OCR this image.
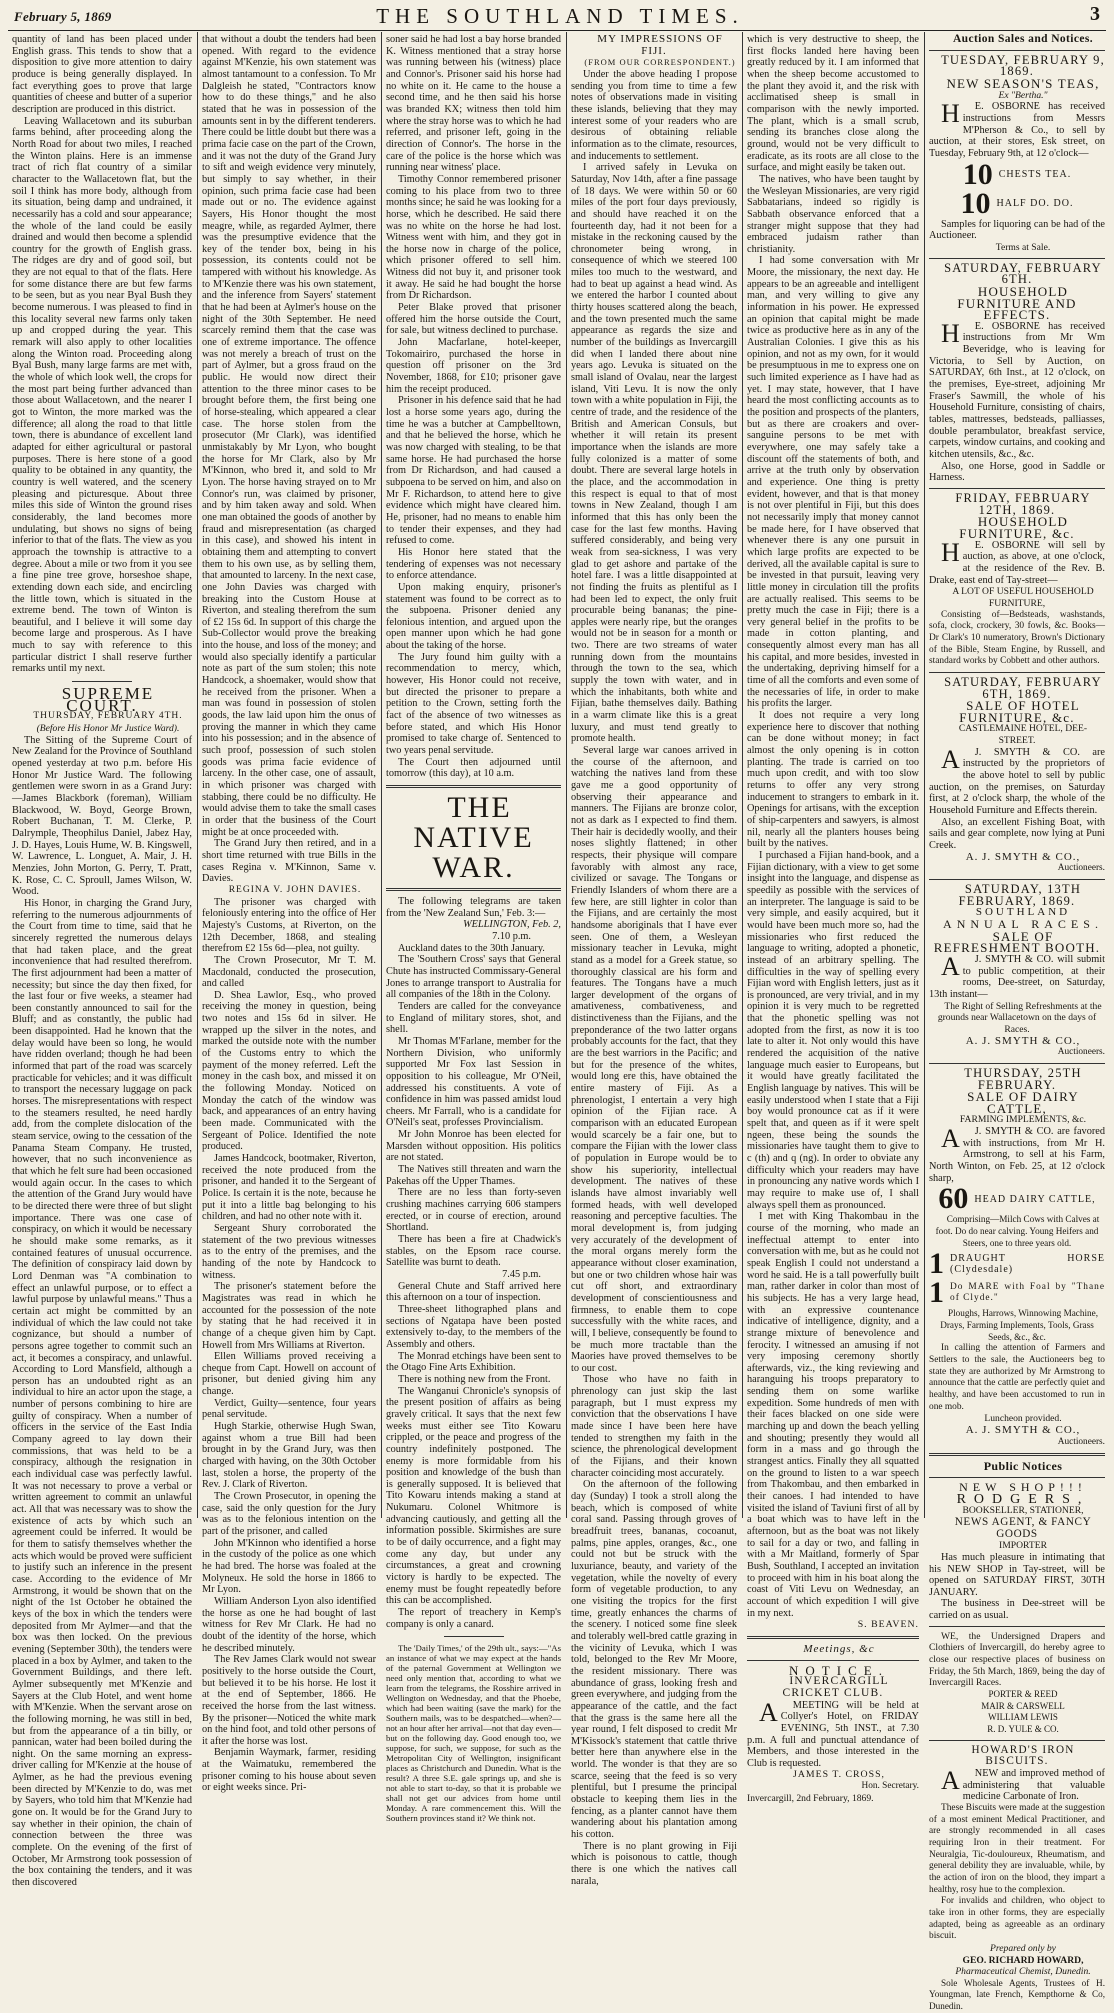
February 5, 1869	THE SOUTHLAND TIMES.	3

quantity of land has been placed under English grass. This tends to show that a disposition to give more attention to dairy produce is being generally displayed. In fact everything goes to prove that large quantities of cheese and butter of a superior description are produced in this district.

Leaving Wallacetown and its suburban farms behind, after proceeding along the North Road for about two miles, I reached the Winton plains. Here is an immense tract of rich flat country of a similar character to the Wallacetown flat, but the soil I think has more body, although from its situation, being damp and undrained, it necessarily has a cold and sour appearance; the whole of the land could be easily drained and would then become a splendid country for the growth of English grass. The ridges are dry and of good soil, but they are not equal to that of the flats. Here for some distance there are but few farms to be seen, but as you near Byal Bush they become numerous. I was pleased to find in this locality several new farms only taken up and cropped during the year. This remark will also apply to other localities along the Winton road. Proceeding along Byal Bush, many large farms are met with, the whole of which look well, the crops for the most part being further advanced than those about Wallacetown, and the nearer I got to Winton, the more marked was the difference; all along the road to that little town, there is abundance of excellent land adapted for either agricultural or pastoral purposes. There is here stone of a good quality to be obtained in any quantity, the country is well watered, and the scenery pleasing and picturesque. About three miles this side of Winton the ground rises considerably, the land becomes more undulating, but shows no signs of being inferior to that of the flats. The view as you approach the township is attractive to a degree. About a mile or two from it you see a fine pine tree grove, horseshoe shape, extending down each side, and encircling the little town, which is situated in the extreme bend. The town of Winton is beautiful, and I believe it will some day become large and prosperous. As I have much to say with reference to this particular district I shall reserve further remarks until my next.

SUPREME COURT.

THURSDAY, FEBRUARY 4TH.

(Before His Honor Mr Justice Ward).

The Sitting of the Supreme Court of New Zealand for the Province of Southland opened yesterday at two p.m. before His Honor Mr Justice Ward. The following gentlemen were sworn in as a Grand Jury:—James Blackbork (foreman), William Blackwood, W. Boyd, George Brown, Robert Buchanan, T. M. Clerke, P. Dalrymple, Theophilus Daniel, Jabez Hay, J. D. Hayes, Louis Hume, W. B. Kingswell, W. Lawrence, L. Longuet, A. Mair, J. H. Menzies, John Morton, G. Perry, T. Pratt, K. Rose, C. C. Sproull, James Wilson, W. Wood.

His Honor, in charging the Grand Jury, referring to the numerous adjournments of the Court from time to time, said that he sincerely regretted the numerous delays that had taken place, and the great inconvenience that had resulted therefrom. The first adjournment had been a matter of necessity; but since the day then fixed, for the last four or five weeks, a steamer had been constantly announced to sail for the Bluff; and as constantly, the public had been disappointed. Had he known that the delay would have been so long, he would have ridden overland; though he had been informed that part of the road was scarcely practicable for vehicles; and it was difficult to transport the necessary luggage on pack horses. The misrepresentations with respect to the steamers resulted, he need hardly add, from the complete dislocation of the steam service, owing to the cessation of the Panama Steam Company. He trusted, however, that no such inconvenience as that which he felt sure had been occasioned would again occur. In the cases to which the attention of the Grand Jury would have to be directed there were three of but slight importance. There was one case of conspiracy, on which it would be necessary he should make some remarks, as it contained features of unusual occurrence. The definition of conspiracy laid down by Lord Denman was "A combination to effect an unlawful purpose, or to effect a lawful purpose by unlawful means." Thus a certain act might be committed by an individual of which the law could not take cognizance, but should a number of persons agree together to commit such an act, it becomes a conspiracy, and unlawful. According to Lord Mansfield, although a person has an undoubted right as an individual to hire an actor upon the stage, a number of persons combining to hire are guilty of conspiracy. When a number of officers in the service of the East India Company agreed to lay down their commissions, that was held to be a conspiracy, although the resignation in each individual case was perfectly lawful. It was not necessary to prove a verbal or written agreement to commit an unlawful act. All that was necessary was to show the existence of acts by which such an agreement could be inferred. It would be for them to satisfy themselves whether the acts which would be proved were sufficient to justify such an inference in the present case. According to the evidence of Mr Armstrong, it would be shown that on the night of the 1st October he obtained the keys of the box in which the tenders were deposited from Mr Aylmer—and that the box was then locked. On the previous evening (September 30th), the tenders were placed in a box by Aylmer, and taken to the Government Buildings, and there left. Aylmer subsequently met M'Kenzie and Sayers at the Club Hotel, and went home with M'Kenzie. When the servant arose on the following morning, he was still in bed, but from the appearance of a tin billy, or pannican, water had been boiled during the night. On the same morning an express-driver calling for M'Kenzie at the house of Aylmer, as he had the previous evening been directed by M'Kenzie to do, was met by Sayers, who told him that M'Kenzie had gone on. It would be for the Grand Jury to say whether in their opinion, the chain of connection between the three was complete. On the evening of the first of October, Mr Armstrong took possession of the box containing the tenders, and it was then discovered

that without a doubt the tenders had been opened. With regard to the evidence against M'Kenzie, his own statement was almost tantamount to a confession. To Mr Dalgleish he stated, "Contractors know how to do these things," and he also stated that he was in possession of the amounts sent in by the different tenderers. There could be little doubt but there was a prima facie case on the part of the Crown, and it was not the duty of the Grand Jury to sift and weigh evidence very minutely, but simply to say whether, in their opinion, such prima facie case had been made out or no. The evidence against Sayers, His Honor thought the most meagre, while, as regarded Aylmer, there was the presumptive evidence that the key of the tender box, being in his possession, its contents could not be tampered with without his knowledge. As to M'Kenzie there was his own statement, and the inference from Sayers' statement that he had been at Aylmer's house on the night of the 30th September. He need scarcely remind them that the case was one of extreme importance. The offence was not merely a breach of trust on the part of Aylmer, but a gross fraud on the public. He would now direct their attention to the three minor cases to be brought before them, the first being one of horse-stealing, which appeared a clear case. The horse stolen from the prosecutor (Mr Clark), was identified unmistakably by Mr Lyon, who bought the horse for Mr Clark, also by Mr M'Kinnon, who bred it, and sold to Mr Lyon. The horse having strayed on to Mr Connor's run, was claimed by prisoner, and by him taken away and sold. When one man obtained the goods of another by fraud and misrepresentation (as charged in this case), and showed his intent in obtaining them and attempting to convert them to his own use, as by selling them, that amounted to larceny. In the next case, one John Davies was charged with breaking into the Custom House at Riverton, and stealing therefrom the sum of £2 15s 6d. In support of this charge the Sub-Collector would prove the breaking into the house, and loss of the money; and would also specially identify a particular note as part of the sum stolen; this note Handcock, a shoemaker, would show that he received from the prisoner. When a man was found in possession of stolen goods, the law laid upon him the onus of proving the manner in which they came into his possession; and in the absence of such proof, possession of such stolen goods was prima facie evidence of larceny. In the other case, one of assault, in which prisoner was charged with stabbing, there could be no difficulty. He would advise them to take the small cases in order that the business of the Court might be at once proceeded with.

The Grand Jury then retired, and in a short time returned with true Bills in the cases Regina v. M'Kinnon, Same v. Davies.

REGINA V. JOHN DAVIES.

The prisoner was charged with feloniously entering into the office of Her Majesty's Customs, at Riverton, on the 12th December, 1868, and stealing therefrom £2 15s 6d—plea, not guilty.

The Crown Prosecutor, Mr T. M. Macdonald, conducted the prosecution, and called

D. Shea Lawlor, Esq., who proved receiving the money in question, being two notes and 15s 6d in silver. He wrapped up the silver in the notes, and marked the outside note with the number of the Customs entry to which the payment of the money referred. Left the money in the cash box, and missed it on the following Monday. Noticed on Monday the catch of the window was back, and appearances of an entry having been made. Communicated with the Sergeant of Police. Identified the note produced.

James Handcock, bootmaker, Riverton, received the note produced from the prisoner, and handed it to the Sergeant of Police. Is certain it is the note, because he put it into a little bag belonging to his children, and had no other note with it.

Sergeant Shury corroborated the statement of the two previous witnesses as to the entry of the premises, and the handing of the note by Handcock to witness.

The prisoner's statement before the Magistrates was read in which he accounted for the possession of the note by stating that he had received it in change of a cheque given him by Capt. Howell from Mrs Williams at Riverton.

Ellen Williams proved receiving a cheque from Capt. Howell on account of prisoner, but denied giving him any change.

Verdict, Guilty—sentence, four years penal servitude.

Hugh Starkie, otherwise Hugh Swan, against whom a true Bill had been brought in by the Grand Jury, was then charged with having, on the 30th October last, stolen a horse, the property of the Rev. J. Clark of Riverton.

The Crown Prosecutor, in opening the case, said the only question for the Jury was as to the felonious intention on the part of the prisoner, and called

John M'Kinnon who identified a horse in the custody of the police as one which he had bred. The horse was foaled at the Molyneux. He sold the horse in 1866 to Mr Lyon.

William Anderson Lyon also identified the horse as one he had bought of last witness for Rev Mr Clark. He had no doubt of the identity of the horse, which he described minutely.

The Rev James Clark would not swear positively to the horse outside the Court, but believed it to be his horse. He lost it at the end of September, 1866. He received the horse from the last witness. By the prisoner—Noticed the white mark on the hind foot, and told other persons of it after the horse was lost.

Benjamin Waymark, farmer, residing at the Waimatuku, remembered the prisoner coming to his house about seven or eight weeks since. Pri-

soner said he had lost a bay horse branded K. Witness mentioned that a stray horse was running between his (witness) place and Connor's. Prisoner said his horse had no white on it. He came to the house a second time, and he then said his horse was branded KX; witness then told him where the stray horse was to which he had referred, and prisoner left, going in the direction of Connor's. The horse in the care of the police is the horse which was running near witness' place.

Timothy Connor remembered prisoner coming to his place from two to three months since; he said he was looking for a horse, which he described. He said there was no white on the horse he had lost. Witness went with him, and they got in the horse now in charge of the police, which prisoner offered to sell him. Witness did not buy it, and prisoner took it away. He said he had bought the horse from Dr Richardson.

Peter Blake proved that prisoner offered him the horse outside the Court, for sale, but witness declined to purchase.

John Macfarlane, hotel-keeper, Tokomairiro, purchased the horse in question off prisoner on the 3rd November, 1868, for £10; prisoner gave him the receipt produced.

Prisoner in his defence said that he had lost a horse some years ago, during the time he was a butcher at Campbelltown, and that he believed the horse, which he was now charged with stealing, to be that same horse. He had purchased the horse from Dr Richardson, and had caused a subpoena to be served on him, and also on Mr F. Richardson, to attend here to give evidence which might have cleared him. He, prisoner, had no means to enable him to tender their expenses, and they had refused to come.

His Honor here stated that the tendering of expenses was not necessary to enforce attendance.

Upon making enquiry, prisoner's statement was found to be correct as to the subpoena. Prisoner denied any felonious intention, and argued upon the open manner upon which he had gone about the taking of the horse.

The Jury found him guilty with a recommendation to mercy, which, however, His Honor could not receive, but directed the prisoner to prepare a petition to the Crown, setting forth the fact of the absence of two witnesses as before stated, and which His Honor promised to take charge of. Sentenced to two years penal servitude.

The Court then adjourned until tomorrow (this day), at 10 a.m.

THE NATIVE WAR.

The following telegrams are taken from the 'New Zealand Sun,' Feb. 3:—

WELLINGTON, Feb. 2,

7.10 p.m.

Auckland dates to the 30th January.

The 'Southern Cross' says that General Chute has instructed Commissary-General Jones to arrange transport to Australia for all companies of the 18th in the Colony.

Tenders are called for the conveyance to England of military stores, shot, and shell.

Mr Thomas M'Farlane, member for the Northern Division, who uniformly supported Mr Fox last Session in opposition to his colleague, Mr O'Neil, addressed his constituents. A vote of confidence in him was passed amidst loud cheers. Mr Farrall, who is a candidate for O'Neil's seat, professes Provincialism.

Mr John Monroe has been elected for Marsden without opposition. His politics are not stated.

The Natives still threaten and warn the Pakehas off the Upper Thames.

There are no less than forty-seven crushing machines carrying 606 stampers erected, or in course of erection, around Shortland.

There has been a fire at Chadwick's stables, on the Epsom race course. Satellite was burnt to death.

7.45 p.m.

General Chute and Staff arrived here this afternoon on a tour of inspection.

Three-sheet lithographed plans and sections of Ngatapa have been posted extensively to-day, to the members of the Assembly and others.

The Monrad etchings have been sent to the Otago Fine Arts Exhibition.

There is nothing new from the Front.

The Wanganui Chronicle's synopsis of the present position of affairs as being gravely critical. It says that the next few weeks must either see Tito Kowaru crippled, or the peace and progress of the country indefinitely postponed. The enemy is more formidable from his position and knowledge of the bush than is generally supposed. It is believed that Tito Kowaru intends making a stand at Nukumaru. Colonel Whitmore is advancing cautiously, and getting all the information possible. Skirmishes are sure to be of daily occurrence, and a fight may come any day, but under any circumstances, a great and crowning victory is hardly to be expected. The enemy must be fought repeatedly before this can be accomplished.

The report of treachery in Kemp's company is only a canard.

The 'Daily Times,' of the 29th ult., says:—"As an instance of what we may expect at the hands of the paternal Government at Wellington we need only mention that, according to what we learn from the telegrams, the Rosshire arrived in Wellington on Wednesday, and that the Phoebe, which had been waiting (save the mark) for the Southern mails, was to be despatched—when?—not an hour after her arrival—not that day even—but on the following day. Good enough too, we suppose, for such, we suppose, for such as the Metropolitan City of Wellington, insignificant places as Christchurch and Dunedin. What is the result? A three S.E. gale springs up, and she is not able to start to-day, so that it is probable we shall not get our advices from home until Monday. A rare commencement this. Will the Southern provinces stand it? We think not.

MY IMPRESSIONS OF FIJI.

(FROM OUR CORRESPONDENT.)

Under the above heading I propose sending you from time to time a few notes of observations made in visiting these islands, believing that they may interest some of your readers who are desirous of obtaining reliable information as to the climate, resources, and inducements to settlement.

I arrived safely in Levuka on Saturday, Nov 14th, after a fine passage of 18 days. We were within 50 or 60 miles of the port four days previously, and should have reached it on the fourteenth day, had it not been for a mistake in the reckoning caused by the chronometer being wrong, in consequence of which we steered 100 miles too much to the westward, and had to beat up against a head wind. As we entered the harbor I counted about thirty houses scattered along the beach, and the town presented much the same appearance as regards the size and number of the buildings as Invercargill did when I landed there about nine years ago. Levuka is situated on the small island of Ovalau, near the largest island, Viti Levu. It is now the only town with a white population in Fiji, the centre of trade, and the residence of the British and American Consuls, but whether it will retain its present importance when the islands are more fully colonized is a matter of some doubt. There are several large hotels in the place, and the accommodation in this respect is equal to that of most towns in New Zealand, though I am informed that this has only been the case for the last few months. Having suffered considerably, and being very weak from sea-sickness, I was very glad to get ashore and partake of the hotel fare. I was a little disappointed at not finding the fruits as plentiful as I had been led to expect, the only fruit procurable being bananas; the pine-apples were nearly ripe, but the oranges would not be in season for a month or two. There are two streams of water running down from the mountains through the town to the sea, which supply the town with water, and in which the inhabitants, both white and Fijian, bathe themselves daily. Bathing in a warm climate like this is a great luxury, and must tend greatly to promote health.

Several large war canoes arrived in the course of the afternoon, and watching the natives land from these gave me a good opportunity of observing their appearance and manners. The Fijians are bronze color, not as dark as I expected to find them. Their hair is decidedly woolly, and their noses slightly flattened; in other respects, their physique will compare favorably with almost any race, civilized or savage. The Tongans or Friendly Islanders of whom there are a few here, are still lighter in color than the Fijians, and are certainly the most handsome aboriginals that I have ever seen. One of them, a Wesleyan missionary teacher in Levuka, might stand as a model for a Greek statue, so thoroughly classical are his form and features. The Tongans have a much larger development of the organs of amativeness, combativeness, and distinctiveness than the Fijians, and the preponderance of the two latter organs probably accounts for the fact, that they are the best warriors in the Pacific; and but for the presence of the whites, would long ere this, have obtained the entire mastery of Fiji. As a phrenologist, I entertain a very high opinion of the Fijian race. A comparison with an educated European would scarcely be a fair one, but to compare the Fijian with the lower class of population in Europe would be to show his superiority, intellectual development. The natives of these islands have almost invariably well formed heads, with well developed reasoning and perceptive faculties. The moral development is, from judging very accurately of the development of the moral organs merely form the appearance without closer examination, but one or two children whose hair was cut off short, and extraordinary development of conscientiousness and firmness, to enable them to cope successfully with the white races, and will, I believe, consequently be found to be much more tractable than the Maories have proved themselves to be to our cost.

Those who have no faith in phrenology can just skip the last paragraph, but I must express my conviction that the observations I have made since I have been here have tended to strengthen my faith in the science, the phrenological development of the Fijians, and their known character coinciding most accurately.

On the afternoon of the following day (Sunday) I took a stroll along the beach, which is composed of white coral sand. Passing through groves of breadfruit trees, bananas, cocoanut, palms, pine apples, oranges, &c., one could not but be struck with the luxuriance, beauty, and variety of the vegetation, while the novelty of every form of vegetable production, to any one visiting the tropics for the first time, greatly enhances the charms of the scenery. I noticed some fine sleek and tolerably well-bred cattle grazing in the vicinity of Levuka, which I was told, belonged to the Rev Mr Moore, the resident missionary. There was abundance of grass, looking fresh and green everywhere, and judging from the appearance of the cattle, and the fact that the grass is the same here all the year round, I felt disposed to credit Mr M'Kissock's statement that cattle thrive better here than anywhere else in the world. The wonder is that they are so scarce, seeing that the feed is so very plentiful, but I presume the principal obstacle to keeping them lies in the fencing, as a planter cannot have them wandering about his plantation among his cotton.

There is no plant growing in Fiji which is poisonous to cattle, though there is one which the natives call narala,

which is very destructive to sheep, the first flocks landed here having been greatly reduced by it. I am informed that when the sheep become accustomed to the plant they avoid it, and the risk with acclimatised sheep is small in comparison with the newly imported. The plant, which is a small scrub, sending its branches close along the ground, would not be very difficult to eradicate, as its roots are all close to the surface, and might easily be taken out.

The natives, who have been taught by the Wesleyan Missionaries, are very rigid Sabbatarians, indeed so rigidly is Sabbath observance enforced that a stranger might suppose that they had embraced judaism rather than christianity.

I had some conversation with Mr Moore, the missionary, the next day. He appears to be an agreeable and intelligent man, and very willing to give any information in his power. He expressed an opinion that capital might be made twice as productive here as in any of the Australian Colonies. I give this as his opinion, and not as my own, for it would be presumptuous in me to express one on such limited experience as I have had as yet. I may state, however, that I have heard the most conflicting accounts as to the position and prospects of the planters, but as there are croakers and over-sanguine persons to be met with everywhere, one may safely take a discount off the statements of both, and arrive at the truth only by observation and experience. One thing is pretty evident, however, and that is that money is not over plentiful in Fiji, but this does not necessarily imply that money cannot be made here, for I have observed that whenever there is any one pursuit in which large profits are expected to be derived, all the available capital is sure to be invested in that pursuit, leaving very little money in circulation till the profits are actually realised. This seems to be pretty much the case in Fiji; there is a very general belief in the profits to be made in cotton planting, and consequently almost every man has all his capital, and more besides, invested in the undertaking, depriving himself for a time of all the comforts and even some of the necessaries of life, in order to make his profits the larger.

It does not require a very long experience here to discover that nothing can be done without money; in fact almost the only opening is in cotton planting. The trade is carried on too much upon credit, and with too slow returns to offer any very strong inducement to strangers to embark in it. Openings for artisans, with the exception of ship-carpenters and sawyers, is almost nil, nearly all the planters houses being built by the natives.

I purchased a Fijian hand-book, and a Fijian dictionary, with a view to get some insight into the language, and dispense as speedily as possible with the services of an interpreter. The language is said to be very simple, and easily acquired, but it would have been much more so, had the missionaries who first reduced the language to writing, adopted a phonetic, instead of an arbitrary spelling. The difficulties in the way of spelling every Fijian word with English letters, just as it is pronounced, are very trivial, and in my opinion it is very much to be regretted that the phonetic spelling was not adopted from the first, as now it is too late to alter it. Not only would this have rendered the acquisition of the native language much easier to Europeans, but it would have greatly facilitated the English language by natives. This will be easily understood when I state that a Fiji boy would pronounce cat as if it were spelt that, and queen as if it were spelt ngeen, these being the sounds the missionaries have taught them to give to c (th) and q (ng). In order to obviate any difficulty which your readers may have in pronouncing any native words which I may require to make use of, I shall always spell them as pronounced.

I met with King Thakombau in the course of the morning, who made an ineffectual attempt to enter into conversation with me, but as he could not speak English I could not understand a word he said. He is a tall powerfully built man, rather darker in color than most of his subjects. He has a very large head, with an expressive countenance indicative of intelligence, dignity, and a strange mixture of benevolence and ferocity. I witnessed an amusing if not very imposing ceremony shortly afterwards, viz., the king reviewing and haranguing his troops preparatory to sending them on some warlike expedition. Some hundreds of men with their faces blacked on one side were marching up and down the beach yelling and shouting; presently they would all form in a mass and go through the strangest antics. Finally they all squatted on the ground to listen to a war speech from Thakombau, and then embarked in their canoes. I had intended to have visited the island of Taviuni first of all by a boat which was to have left in the afternoon, but as the boat was not likely to sail for a day or two, and falling in with a Mr Maitland, formerly of Spar Bush, Southland, I accepted an invitation to proceed with him in his boat along the coast of Viti Levu on Wednesday, an account of which expedition I will give in my next.

S. BEAVEN.

Meetings, &c

NOTICE.

INVERCARGILL CRICKET CLUB.

A MEETING will be held at Collyer's Hotel, on FRIDAY EVENING, 5th INST., at 7.30 p.m. A full and punctual attendance of Members, and those interested in the Club is requested.

JAMES T. CROSS,

Hon. Secretary.

Invercargill, 2nd February, 1869.

Auction Sales and Notices.

TUESDAY, FEBRUARY 9, 1869.

NEW SEASON'S TEAS,

Ex "Bertha."

H E. OSBORNE has received instructions from Messrs M'Pherson & Co., to sell by auction, at their stores, Esk street, on Tuesday, February 9th, at 12 o'clock—

10 CHESTS TEA.
10 HALF DO. DO.

Samples for liquoring can be had of the Auctioneer.

Terms at Sale.

SATURDAY, FEBRUARY 6TH.

HOUSEHOLD FURNITURE AND EFFECTS.

H E. OSBORNE has received instructions from Mr Wm Beveridge, who is leaving for Victoria, to Sell by Auction, on SATURDAY, 6th Inst., at 12 o'clock, on the premises, Eye-street, adjoining Mr Fraser's Sawmill, the whole of his Household Furniture, consisting of chairs, tables, mattresses, bedsteads, palliasses, double perambulator, breakfast service, carpets, window curtains, and cooking and kitchen utensils, &c., &c.

Also, one Horse, good in Saddle or Harness.

FRIDAY, FEBRUARY 12TH, 1869.

HOUSEHOLD FURNITURE, &c.

H E. OSBORNE will sell by auction, as above, at one o'clock, at the residence of the Rev. B. Drake, east end of Tay-street—

A LOT OF USEFUL HOUSEHOLD FURNITURE,

Consisting of—Bedsteads, washstands, sofa, clock, crockery, 30 fowls, &c. Books—Dr Clark's 10 numeratory, Brown's Dictionary of the Bible, Steam Engine, by Russell, and standard works by Cobbett and other authors.

SATURDAY, FEBRUARY 6TH, 1869.

SALE OF HOTEL FURNITURE, &c.

CASTLEMAINE HOTEL, DEE-STREET.

A J. SMYTH & CO. are instructed by the proprietors of the above hotel to sell by public auction, on the premises, on Saturday first, at 2 o'clock sharp, the whole of the Household Furniture and Effects therein.

Also, an excellent Fishing Boat, with sails and gear complete, now lying at Puni Creek.

A. J. SMYTH & CO.,

Auctioneers.

SATURDAY, 13TH FEBRUARY, 1869.

SOUTHLAND

ANNUAL RACES.

SALE OF REFRESHMENT BOOTH.

A J. SMYTH & CO. will submit to public competition, at their rooms, Dee-street, on Saturday, 13th instant—

The Right of Selling Refreshments at the grounds near Wallacetown on the days of Races.

A. J. SMYTH & CO.,

Auctioneers.

THURSDAY, 25TH FEBRUARY.

SALE OF DAIRY CATTLE,

FARMING IMPLEMENTS, &c.

A J. SMYTH & CO. are favored with instructions, from Mr H. Armstrong, to sell at his Farm, North Winton, on Feb. 25, at 12 o'clock sharp,

60 HEAD DAIRY CATTLE,

Comprising—Milch Cows with Calves at foot. Do do near calving. Young Heifers and Steers, one to three years old.

1 DRAUGHT HORSE (Clydesdale)
1 Do MARE with Foal by "Thane of Clyde."

Ploughs, Harrows, Winnowing Machine, Drays, Farming Implements, Tools, Grass Seeds, &c., &c.

In calling the attention of Farmers and Settlers to the sale, the Auctioneers beg to state they are authorized by Mr Armstrong to announce that the cattle are perfectly quiet and healthy, and have been accustomed to run in one mob.

Luncheon provided.

A. J. SMYTH & CO.,

Auctioneers.

Public Notices

NEW SHOP!!!

RODGERS,

BOOKSELLER, STATIONER,

NEWS AGENT, & FANCY GOODS

IMPORTER

Has much pleasure in intimating that his NEW SHOP in Tay-street, will be opened on SATURDAY FIRST, 30TH JANUARY.

The business in Dee-street will be carried on as usual.

WE, the Undersigned Drapers and Clothiers of Invercargill, do hereby agree to close our respective places of business on Friday, the 5th March, 1869, being the day of Invercargill Races.

PORTER & REED

MAIR & CARSWELL

WILLIAM LEWIS

R. D. YULE & CO.

HOWARD'S IRON BISCUITS.

A NEW and improved method of administering that valuable medicine Carbonate of Iron.

These Biscuits were made at the suggestion of a most eminent Medical Practitioner, and are strongly recommended in all cases requiring Iron in their treatment. For Neuralgia, Tic-douloureux, Rheumatism, and general debility they are invaluable, while, by the action of iron on the blood, they impart a healthy, rosy hue to the complexion.

For invalids and children, who object to take iron in other forms, they are especially adapted, being as agreeable as an ordinary biscuit.

Prepared only by

GEO. RICHARD HOWARD,

Pharmaceutical Chemist, Dunedin.

Sole Wholesale Agents, Trustees of H. Youngman, late French, Kempthorne & Co, Dunedin.
